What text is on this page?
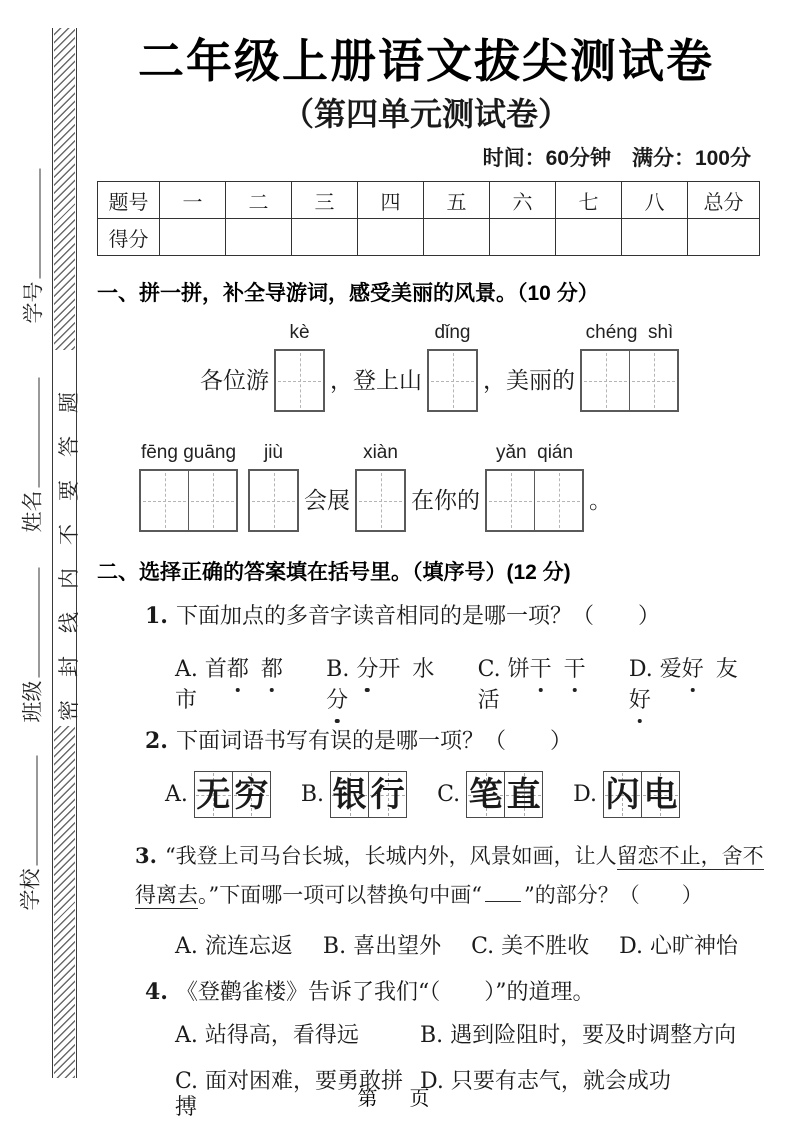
学号
姓名
班级
学校
密封线内不要答题
二年级上册语文拔尖测试卷
（第四单元测试卷）
时间：60分钟　满分：100分
题号	一	二	三	四	五	六	七	八	总分
得分									
一、拼一拼，补全导游词，感受美丽的风景。（10 分）
各位游
kè
，登上山
dǐng
，美丽的
chéng  shì
fēng guāng jiù
会展
xiàn
在你的
yǎn  qián
。
二、选择正确的答案填在括号里。（填序号）(12 分)
1. 下面加点的多音字读音相同的是哪一项？（　　）
A. 首都 都市
B. 分开 水分
C. 饼干 干活
D. 爱好 友好
2. 下面词语书写有误的是哪一项？（　　）
A. 无 穷 B. 银 行 C. 笔 直 D. 闪 电
3. “我登上司马台长城，长城内外，风景如画，让人留恋不止，舍不
得离去。”下面哪一项可以替换句中画“ ”的部分？（　　）
A. 流连忘返 B. 喜出望外 C. 美不胜收 D. 心旷神怡
4. 《登鹳雀楼》告诉了我们“（　　）”的道理。
A. 站得高，看得远	B. 遇到险阻时，要及时调整方向
C. 面对困难，要勇敢拼搏
D. 只要有志气，就会成功
第　页
